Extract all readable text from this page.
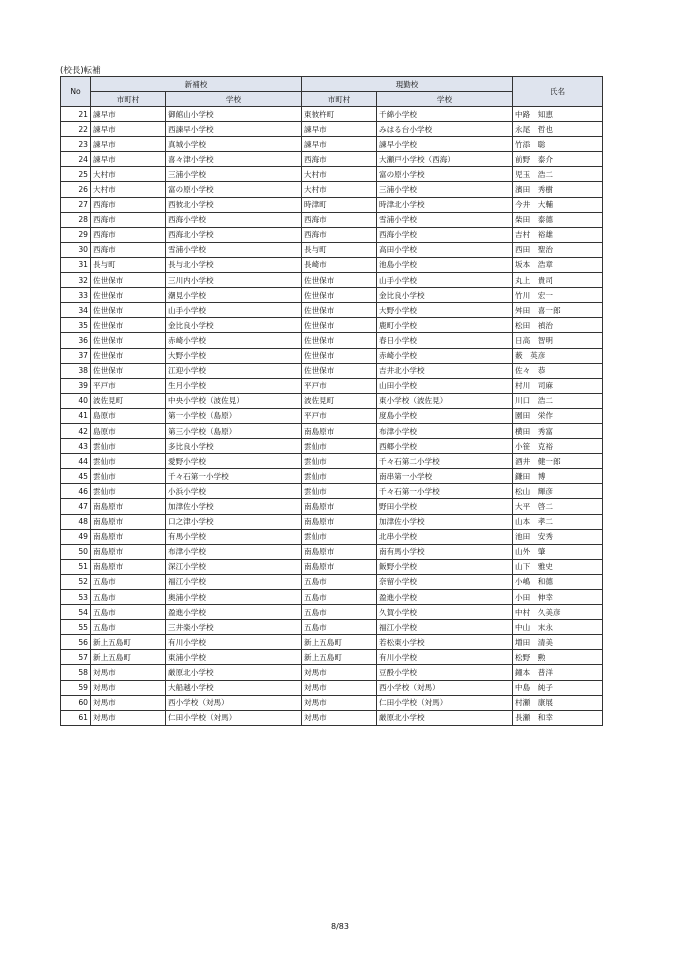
(校長)転補
No	新補校		現勤校		氏名
	市町村	学校	市町村	学校	
21	諫早市	御館山小学校	東彼杵町	千綿小学校	中路　知恵
22	諫早市	西諫早小学校	諫早市	みはる台小学校	永尾　哲也
23	諫早市	真城小学校	諫早市	諫早小学校	竹添　聡
24	諫早市	喜々津小学校	西海市	大瀬戸小学校（西海）	前野　泰介
25	大村市	三浦小学校	大村市	富の原小学校	児玉　浩二
26	大村市	富の原小学校	大村市	三浦小学校	濱田　秀樹
27	西海市	西彼北小学校	時津町	時津北小学校	今井　大輔
28	西海市	西海小学校	西海市	雪浦小学校	柴田　泰德
29	西海市	西海北小学校	西海市	西海小学校	吉村　裕雄
30	西海市	雪浦小学校	長与町	高田小学校	西田　聖治
31	長与町	長与北小学校	長崎市	池島小学校	坂本　浩章
32	佐世保市	三川内小学校	佐世保市	山手小学校	丸上　貴司
33	佐世保市	潮見小学校	佐世保市	金比良小学校	竹川　宏一
34	佐世保市	山手小学校	佐世保市	大野小学校	舛田　喜一郎
35	佐世保市	金比良小学校	佐世保市	鹿町小学校	松田　禎治
36	佐世保市	赤崎小学校	佐世保市	春日小学校	日高　智明
37	佐世保市	大野小学校	佐世保市	赤崎小学校	薮　英彦
38	佐世保市	江迎小学校	佐世保市	吉井北小学校	佐々　恭
39	平戸市	生月小学校	平戸市	山田小学校	村川　司麻
40	波佐見町	中央小学校（波佐見）	波佐見町	東小学校（波佐見）	川口　浩二
41	島原市	第一小学校（島原）	平戸市	度島小学校	園田　栄作
42	島原市	第三小学校（島原）	南島原市	布津小学校	横田　秀富
43	雲仙市	多比良小学校	雲仙市	西郷小学校	小笹　克裕
44	雲仙市	愛野小学校	雲仙市	千々石第二小学校	酒井　健一郎
45	雲仙市	千々石第一小学校	雲仙市	南串第一小学校	鎌田　博
46	雲仙市	小浜小学校	雲仙市	千々石第一小学校	松山　輝彦
47	南島原市	加津佐小学校	南島原市	野田小学校	大平　啓二
48	南島原市	口之津小学校	南島原市	加津佐小学校	山本　孝二
49	南島原市	有馬小学校	雲仙市	北串小学校	池田　安秀
50	南島原市	布津小学校	南島原市	南有馬小学校	山外　肇
51	南島原市	深江小学校	南島原市	飯野小学校	山下　雅史
52	五島市	福江小学校	五島市	奈留小学校	小嶋　和德
53	五島市	奥浦小学校	五島市	盈進小学校	小田　伸幸
54	五島市	盈進小学校	五島市	久賀小学校	中村　久美彦
55	五島市	三井楽小学校	五島市	福江小学校	中山　末永
56	新上五島町	有川小学校	新上五島町	若松東小学校	増田　清美
57	新上五島町	東浦小学校	新上五島町	有川小学校	松野　勲
58	対馬市	厳原北小学校	対馬市	豆酘小学校	鐘本　普洋
59	対馬市	大船越小学校	対馬市	西小学校（対馬）	中島　純子
60	対馬市	西小学校（対馬）	対馬市	仁田小学校（対馬）	村瀬　康展
61	対馬市	仁田小学校（対馬）	対馬市	厳原北小学校	長瀬　和幸
8/83
